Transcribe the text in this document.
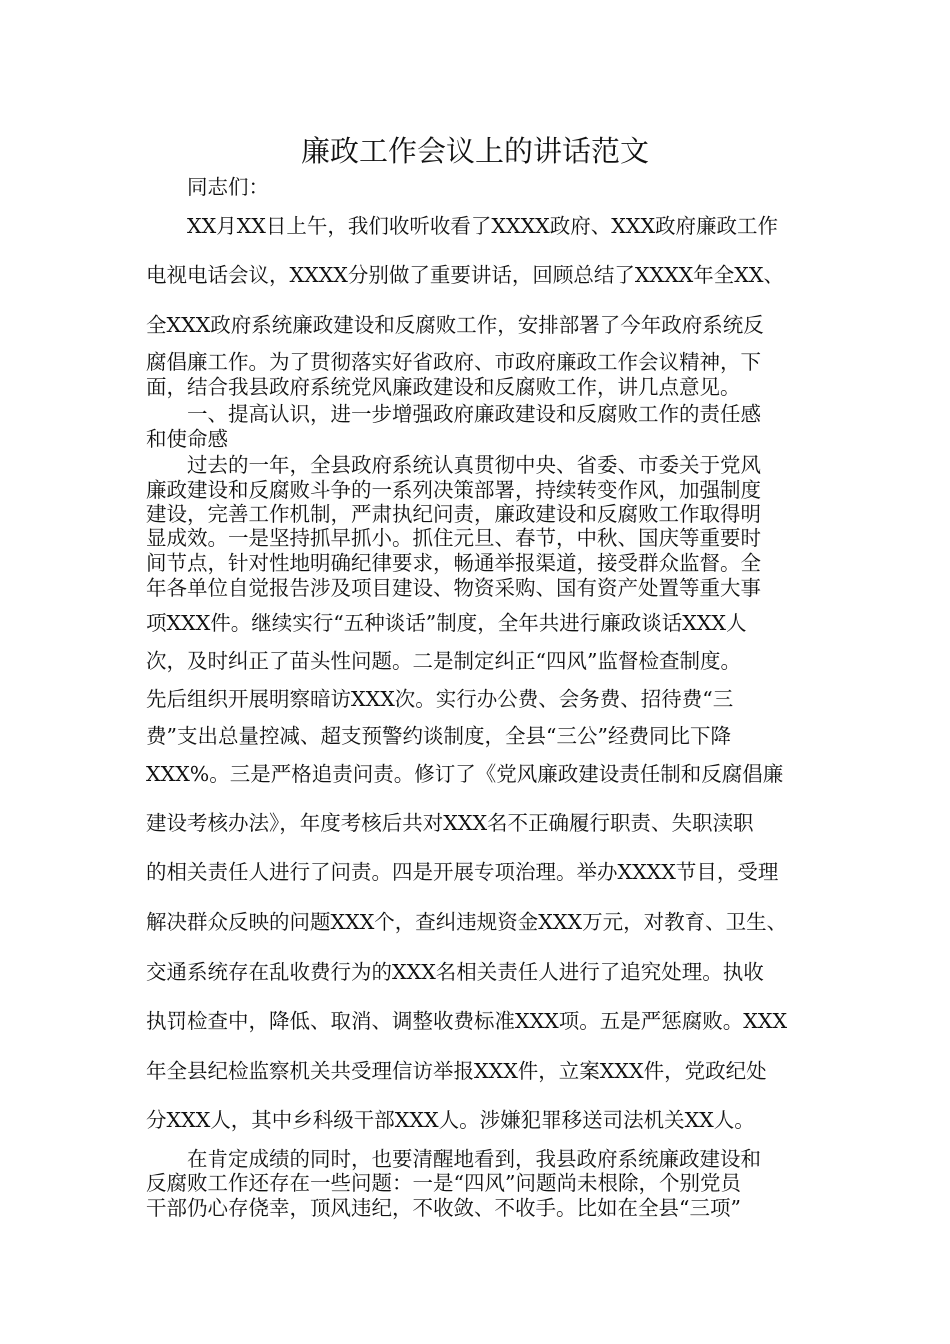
廉政工作会议上的讲话范文
同志们：
XX月XX日上午，我们收听收看了XXXX政府、XXX政府廉政工作
电视电话会议，XXXX分别做了重要讲话，回顾总结了XXXX年全XX、
全XXX政府系统廉政建设和反腐败工作，安排部署了今年政府系统反
腐倡廉工作。为了贯彻落实好省政府、市政府廉政工作会议精神，下
面，结合我县政府系统党风廉政建设和反腐败工作，讲几点意见。
一、提高认识，进一步增强政府廉政建设和反腐败工作的责任感
和使命感
过去的一年，全县政府系统认真贯彻中央、省委、市委关于党风
廉政建设和反腐败斗争的一系列决策部署，持续转变作风，加强制度
建设，完善工作机制，严肃执纪问责，廉政建设和反腐败工作取得明
显成效。一是坚持抓早抓小。抓住元旦、春节，中秋、国庆等重要时
间节点，针对性地明确纪律要求，畅通举报渠道，接受群众监督。全
年各单位自觉报告涉及项目建设、物资采购、国有资产处置等重大事
项XXX件。继续实行“五种谈话”制度，全年共进行廉政谈话XXX人
次，及时纠正了苗头性问题。二是制定纠正“四风”监督检查制度。
先后组织开展明察暗访XXX次。实行办公费、会务费、招待费“三
费”支出总量控减、超支预警约谈制度，全县“三公”经费同比下降
XXX%。三是严格追责问责。修订了《党风廉政建设责任制和反腐倡廉
建设考核办法》，年度考核后共对XXX名不正确履行职责、失职渎职
的相关责任人进行了问责。四是开展专项治理。举办XXXX节目，受理
解决群众反映的问题XXX个，查纠违规资金XXX万元，对教育、卫生、
交通系统存在乱收费行为的XXX名相关责任人进行了追究处理。执收
执罚检查中，降低、取消、调整收费标准XXX项。五是严惩腐败。XXX
年全县纪检监察机关共受理信访举报XXX件，立案XXX件，党政纪处
分XXX人，其中乡科级干部XXX人。涉嫌犯罪移送司法机关XX人。
在肯定成绩的同时，也要清醒地看到，我县政府系统廉政建设和
反腐败工作还存在一些问题：一是“四风”问题尚未根除，个别党员
干部仍心存侥幸，顶风违纪，不收敛、不收手。比如在全县“三项”
